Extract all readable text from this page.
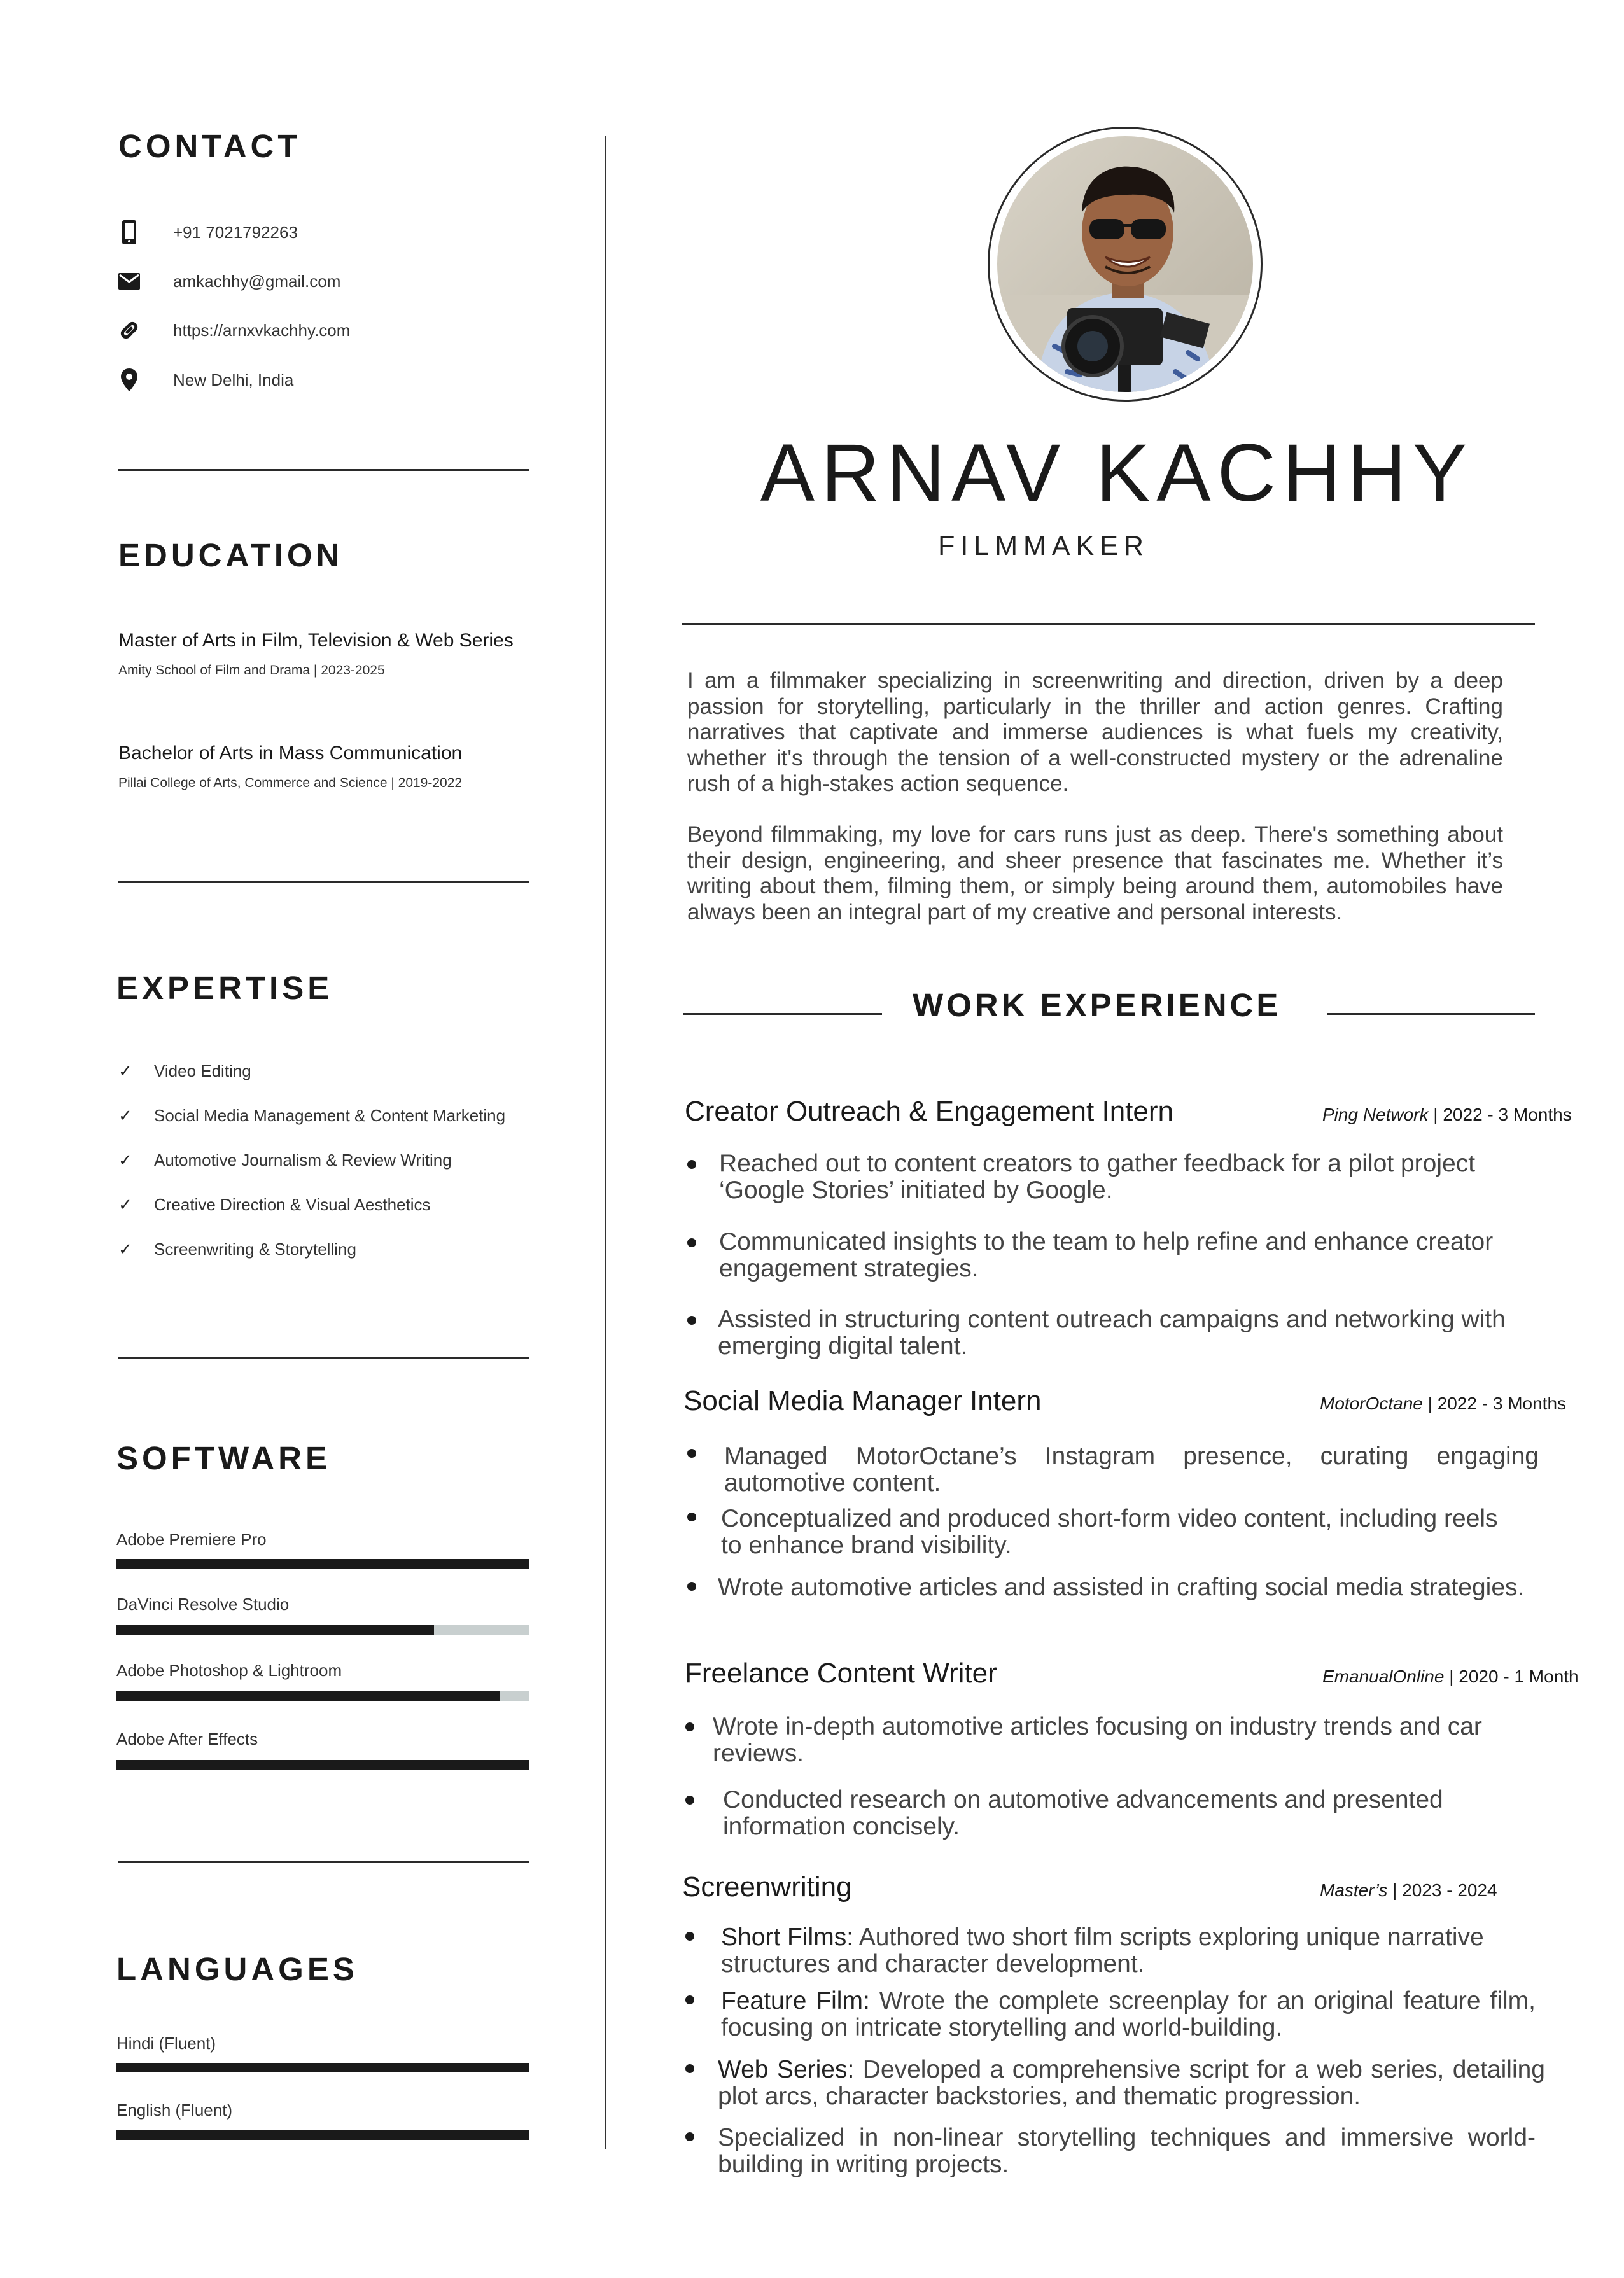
CONTACT
+91 7021792263
amkachhy@gmail.com
https://arnxvkachhy.com
New Delhi, India
EDUCATION
Master of Arts in Film, Television & Web Series
Amity School of Film and Drama | 2023-2025
Bachelor of Arts in Mass Communication
Pillai College of Arts, Commerce and Science | 2019-2022
EXPERTISE
✓ Video Editing
✓ Social Media Management & Content Marketing
✓ Automotive Journalism & Review Writing
✓ Creative Direction & Visual Aesthetics
✓ Screenwriting & Storytelling
SOFTWARE
Adobe Premiere Pro
DaVinci Resolve Studio
Adobe Photoshop & Lightroom
Adobe After Effects
LANGUAGES
Hindi (Fluent)
English (Fluent)
ARNAV KACHHY
FILMMAKER

I am a filmmaker specializing in screenwriting and direction, driven by a deep passion for storytelling, particularly in the thriller and action genres. Crafting narratives that captivate and immerse audiences is what fuels my creativity, whether it's through the tension of a well-constructed mystery or the adrenaline rush of a high-stakes action sequence.

Beyond filmmaking, my love for cars runs just as deep. There's something about their design, engineering, and sheer presence that fascinates me. Whether it’s writing about them, filming them, or simply being around them, automobiles have always been an integral part of my creative and personal interests.

WORK EXPERIENCE
Creator Outreach & Engagement Intern	Ping Network | 2022 - 3 Months

Reached out to content creators to gather feedback for a pilot project ‘Google Stories’ initiated by Google.

Communicated insights to the team to help refine and enhance creator engagement strategies.

Assisted in structuring content outreach campaigns and networking with emerging digital talent.

Social Media Manager Intern	MotorOctane | 2022 - 3 Months

Managed MotorOctane’s Instagram presence, curating engaging automotive content.

Conceptualized and produced short-form video content, including reels to enhance brand visibility.

Wrote automotive articles and assisted in crafting social media strategies.

Freelance Content Writer	EmanualOnline | 2020 - 1 Month

Wrote in-depth automotive articles focusing on industry trends and car reviews.

Conducted research on automotive advancements and presented information concisely.

Screenwriting	Master’s | 2023 - 2024

Short Films: Authored two short film scripts exploring unique narrative structures and character development.

Feature Film: Wrote the complete screenplay for an original feature film, focusing on intricate storytelling and world-building.

Web Series: Developed a comprehensive script for a web series, detailing plot arcs, character backstories, and thematic progression.

Specialized in non-linear storytelling techniques and immersive world-building in writing projects.
